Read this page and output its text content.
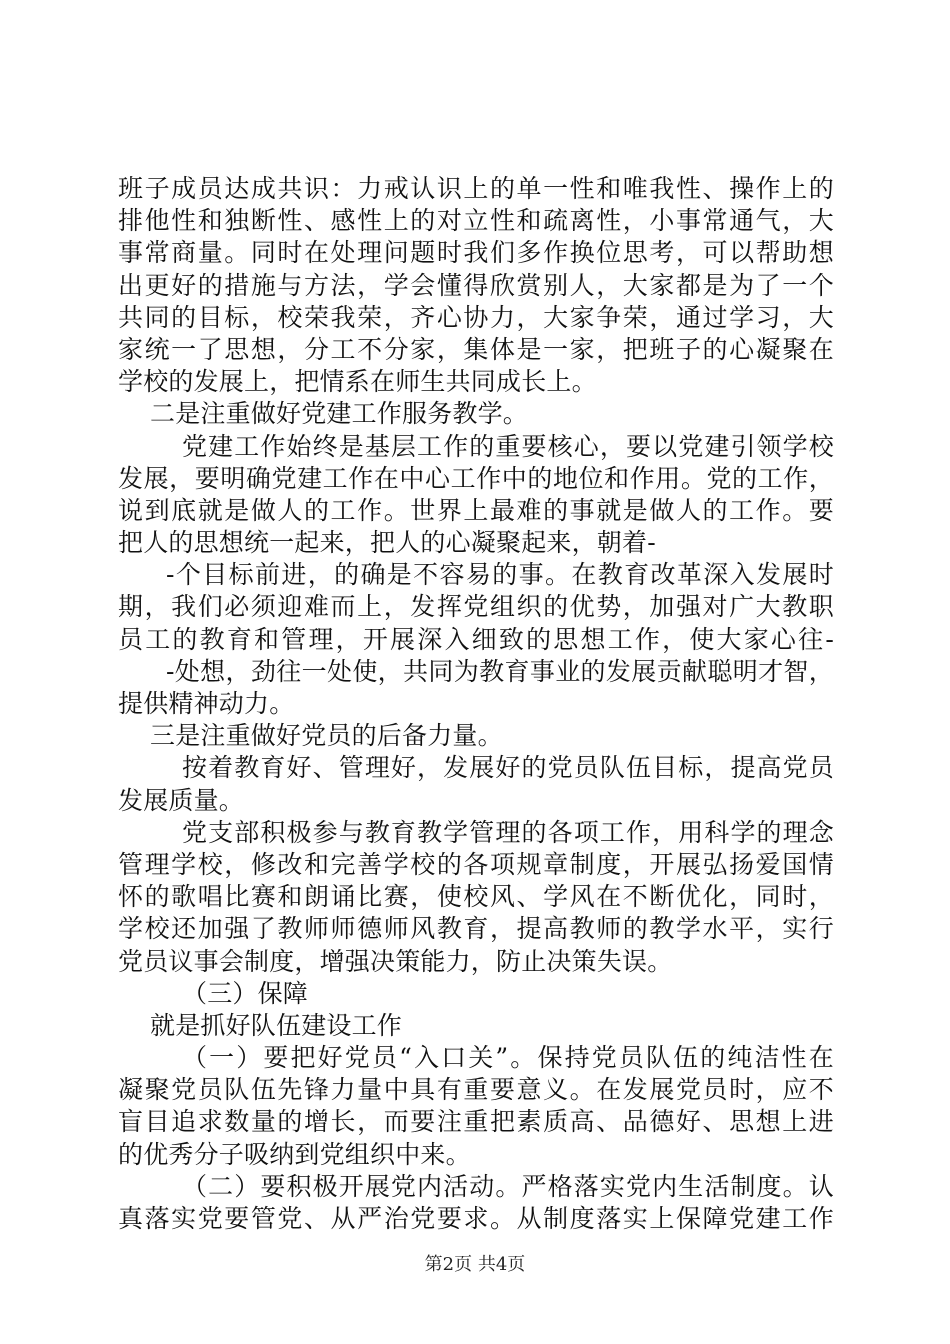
班子成员达成共识：力戒认识上的单一性和唯我性、操作上的
排他性和独断性、感性上的对立性和疏离性，小事常通气，大
事常商量。同时在处理问题时我们多作换位思考，可以帮助想
出更好的措施与方法，学会懂得欣赏别人，大家都是为了一个
共同的目标，校荣我荣，齐心协力，大家争荣，通过学习，大
家统一了思想，分工不分家，集体是一家，把班子的心凝聚在
学校的发展上，把情系在师生共同成长上。
二是注重做好党建工作服务教学。
党建工作始终是基层工作的重要核心，要以党建引领学校
发展，要明确党建工作在中心工作中的地位和作用。党的工作，
说到底就是做人的工作。世界上最难的事就是做人的工作。要
把人的思想统一起来，把人的心凝聚起来，朝着-
-个目标前进，的确是不容易的事。在教育改革深入发展时
期，我们必须迎难而上，发挥党组织的优势，加强对广大教职
员工的教育和管理，开展深入细致的思想工作，使大家心往-
-处想，劲往一处使，共同为教育事业的发展贡献聪明才智，
提供精神动力。
三是注重做好党员的后备力量。
按着教育好、管理好，发展好的党员队伍目标，提高党员
发展质量。
党支部积极参与教育教学管理的各项工作，用科学的理念
管理学校，修改和完善学校的各项规章制度，开展弘扬爱国情
怀的歌唱比赛和朗诵比赛，使校风、学风在不断优化，同时，
学校还加强了教师师德师风教育，提高教师的教学水平，实行
党员议事会制度，增强决策能力，防止决策失误。
（三）保障
就是抓好队伍建设工作
（一）要把好党员“入口关”。保持党员队伍的纯洁性在
凝聚党员队伍先锋力量中具有重要意义。在发展党员时，应不
盲目追求数量的增长，而要注重把素质高、品德好、思想上进
的优秀分子吸纳到党组织中来。
（二）要积极开展党内活动。严格落实党内生活制度。认
真落实党要管党、从严治党要求。从制度落实上保障党建工作
第2页 共4页
